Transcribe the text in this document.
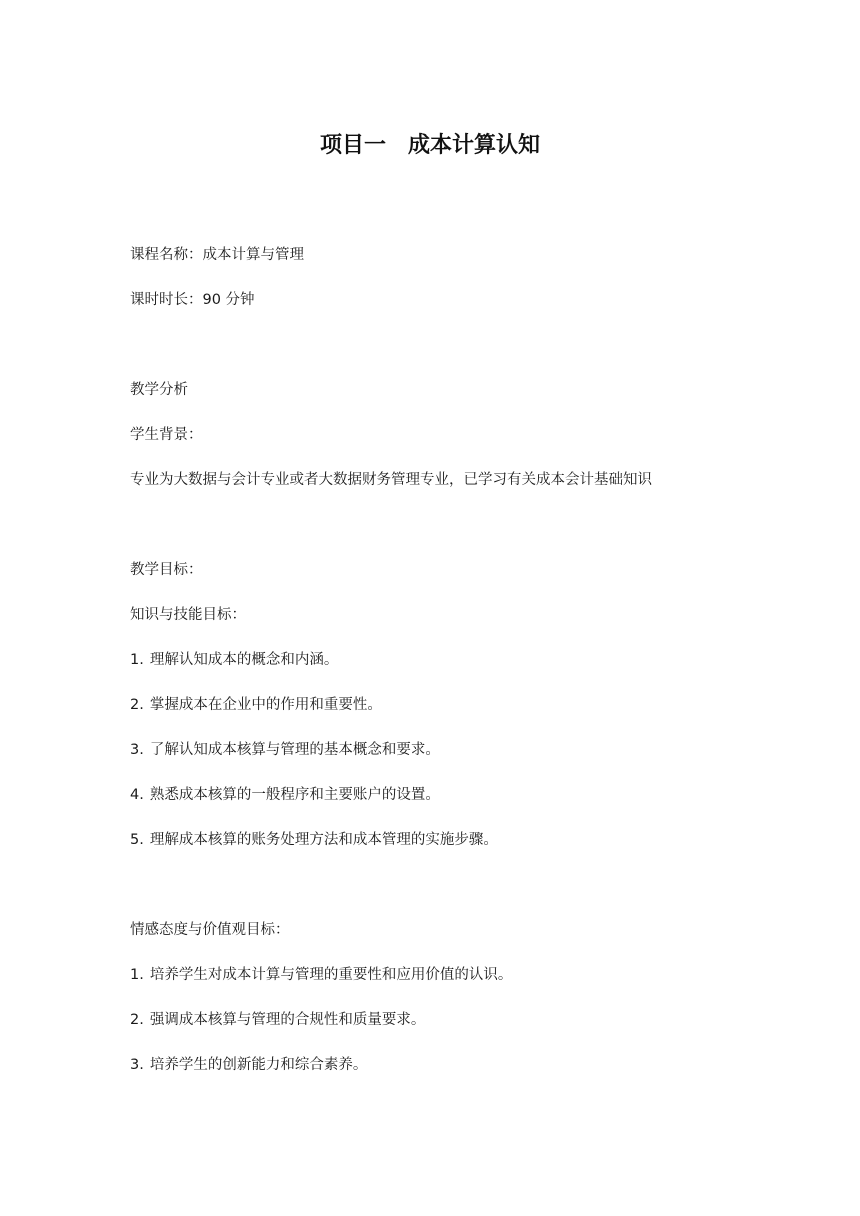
项目一　成本计算认知
课程名称：成本计算与管理
课时时长：90 分钟
教学分析
学生背景：
专业为大数据与会计专业或者大数据财务管理专业，已学习有关成本会计基础知识
教学目标：
知识与技能目标：
1. 理解认知成本的概念和内涵。
2. 掌握成本在企业中的作用和重要性。
3. 了解认知成本核算与管理的基本概念和要求。
4. 熟悉成本核算的一般程序和主要账户的设置。
5. 理解成本核算的账务处理方法和成本管理的实施步骤。
情感态度与价值观目标：
1. 培养学生对成本计算与管理的重要性和应用价值的认识。
2. 强调成本核算与管理的合规性和质量要求。
3. 培养学生的创新能力和综合素养。
